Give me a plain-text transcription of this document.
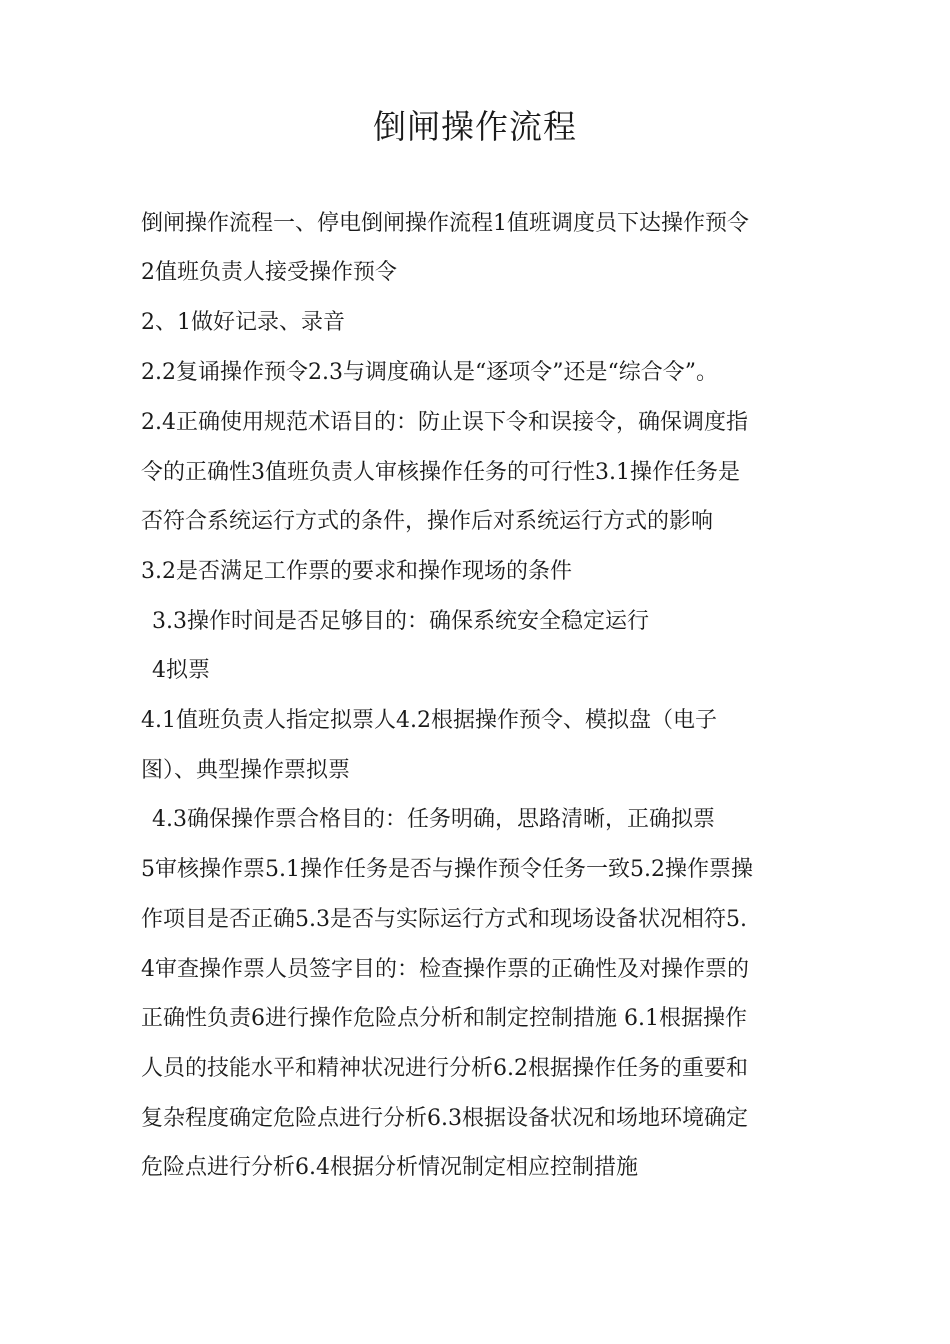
倒闸操作流程
倒闸操作流程一、停电倒闸操作流程1值班调度员下达操作预令
2值班负责人接受操作预令
2、1做好记录、录音
2.2复诵操作预令2.3与调度确认是“逐项令”还是“综合令”。
2.4正确使用规范术语目的：防止误下令和误接令，确保调度指
令的正确性3值班负责人审核操作任务的可行性3.1操作任务是
否符合系统运行方式的条件，操作后对系统运行方式的影响
3.2是否满足工作票的要求和操作现场的条件
3.3操作时间是否足够目的：确保系统安全稳定运行
4拟票
4.1值班负责人指定拟票人4.2根据操作预令、模拟盘（电子
图）、典型操作票拟票
4.3确保操作票合格目的：任务明确，思路清晰，正确拟票
5审核操作票5.1操作任务是否与操作预令任务一致5.2操作票操
作项目是否正确5.3是否与实际运行方式和现场设备状况相符5.
4审查操作票人员签字目的：检查操作票的正确性及对操作票的
正确性负责6进行操作危险点分析和制定控制措施 6.1根据操作
人员的技能水平和精神状况进行分析6.2根据操作任务的重要和
复杂程度确定危险点进行分析6.3根据设备状况和场地环境确定
危险点进行分析6.4根据分析情况制定相应控制措施
